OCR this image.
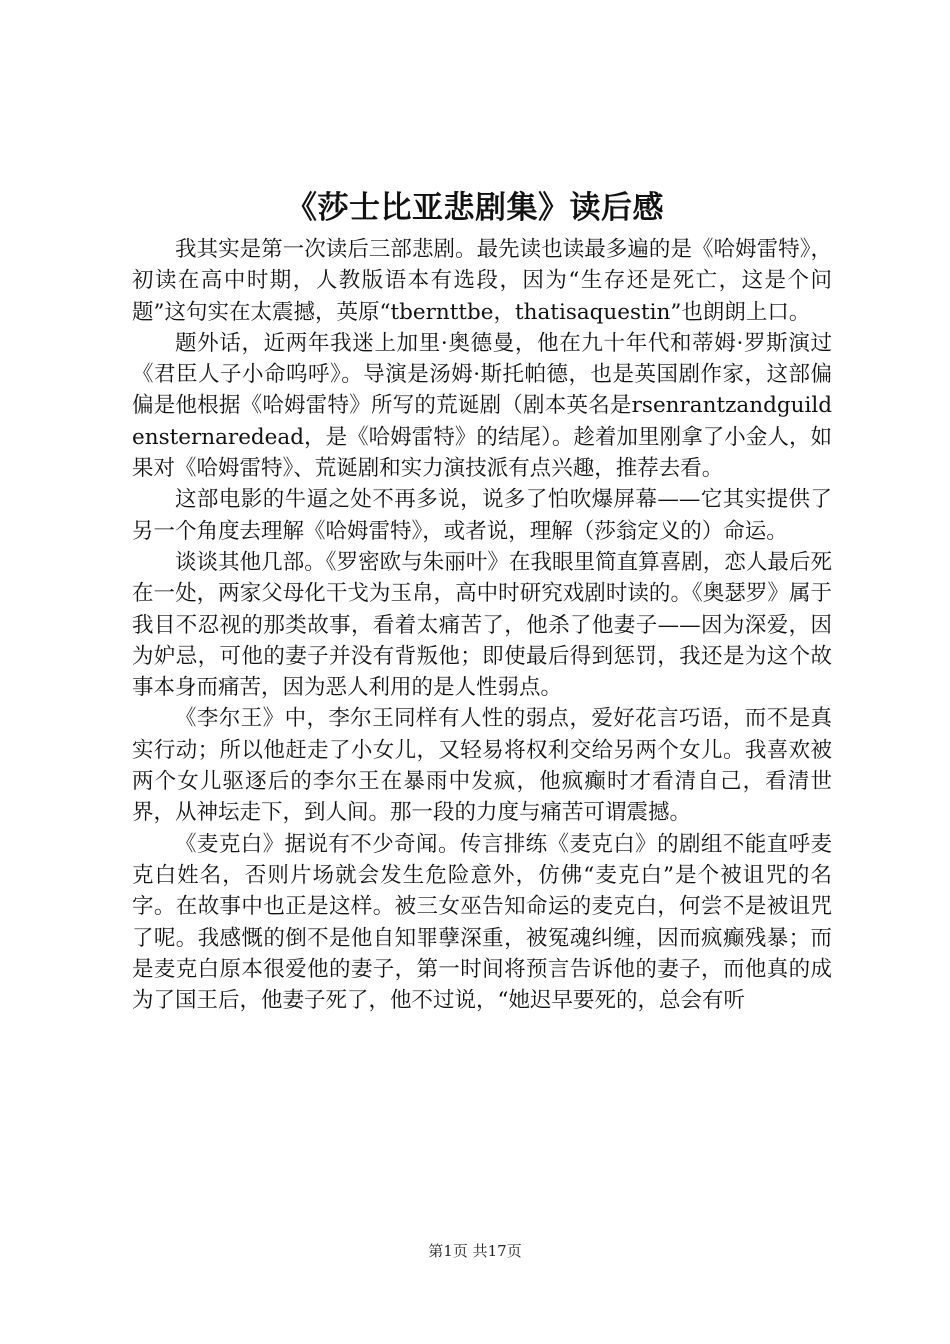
《莎士比亚悲剧集》读后感

我其实是第一次读后三部悲剧。最先读也读最多遍的是《哈姆雷特》，初读在高中时期，人教版语本有选段，因为“生存还是死亡，这是个问题”这句实在太震撼，英原“tbernttbe，thatisaquestin”也朗朗上口。

题外话，近两年我迷上加里·奥德曼，他在九十年代和蒂姆·罗斯演过《君臣人子小命呜呼》。导演是汤姆·斯托帕德，也是英国剧作家，这部偏偏是他根据《哈姆雷特》所写的荒诞剧（剧本英名是rsenrantzandguildensternaredead，是《哈姆雷特》的结尾）。趁着加里刚拿了小金人，如果对《哈姆雷特》、荒诞剧和实力演技派有点兴趣，推荐去看。

这部电影的牛逼之处不再多说，说多了怕吹爆屏幕——它其实提供了另一个角度去理解《哈姆雷特》，或者说，理解（莎翁定义的）命运。

谈谈其他几部。《罗密欧与朱丽叶》在我眼里简直算喜剧，恋人最后死在一处，两家父母化干戈为玉帛，高中时研究戏剧时读的。《奥瑟罗》属于我目不忍视的那类故事，看着太痛苦了，他杀了他妻子——因为深爱，因为妒忌，可他的妻子并没有背叛他；即使最后得到惩罚，我还是为这个故事本身而痛苦，因为恶人利用的是人性弱点。

《李尔王》中，李尔王同样有人性的弱点，爱好花言巧语，而不是真实行动；所以他赶走了小女儿，又轻易将权利交给另两个女儿。我喜欢被两个女儿驱逐后的李尔王在暴雨中发疯，他疯癫时才看清自己，看清世界，从神坛走下，到人间。那一段的力度与痛苦可谓震撼。

《麦克白》据说有不少奇闻。传言排练《麦克白》的剧组不能直呼麦克白姓名，否则片场就会发生危险意外，仿佛“麦克白”是个被诅咒的名字。在故事中也正是这样。被三女巫告知命运的麦克白，何尝不是被诅咒了呢。我感慨的倒不是他自知罪孽深重，被冤魂纠缠，因而疯癫残暴；而是麦克白原本很爱他的妻子，第一时间将预言告诉他的妻子，而他真的成为了国王后，他妻子死了，他不过说，“她迟早要死的，总会有听

第1页 共17页
